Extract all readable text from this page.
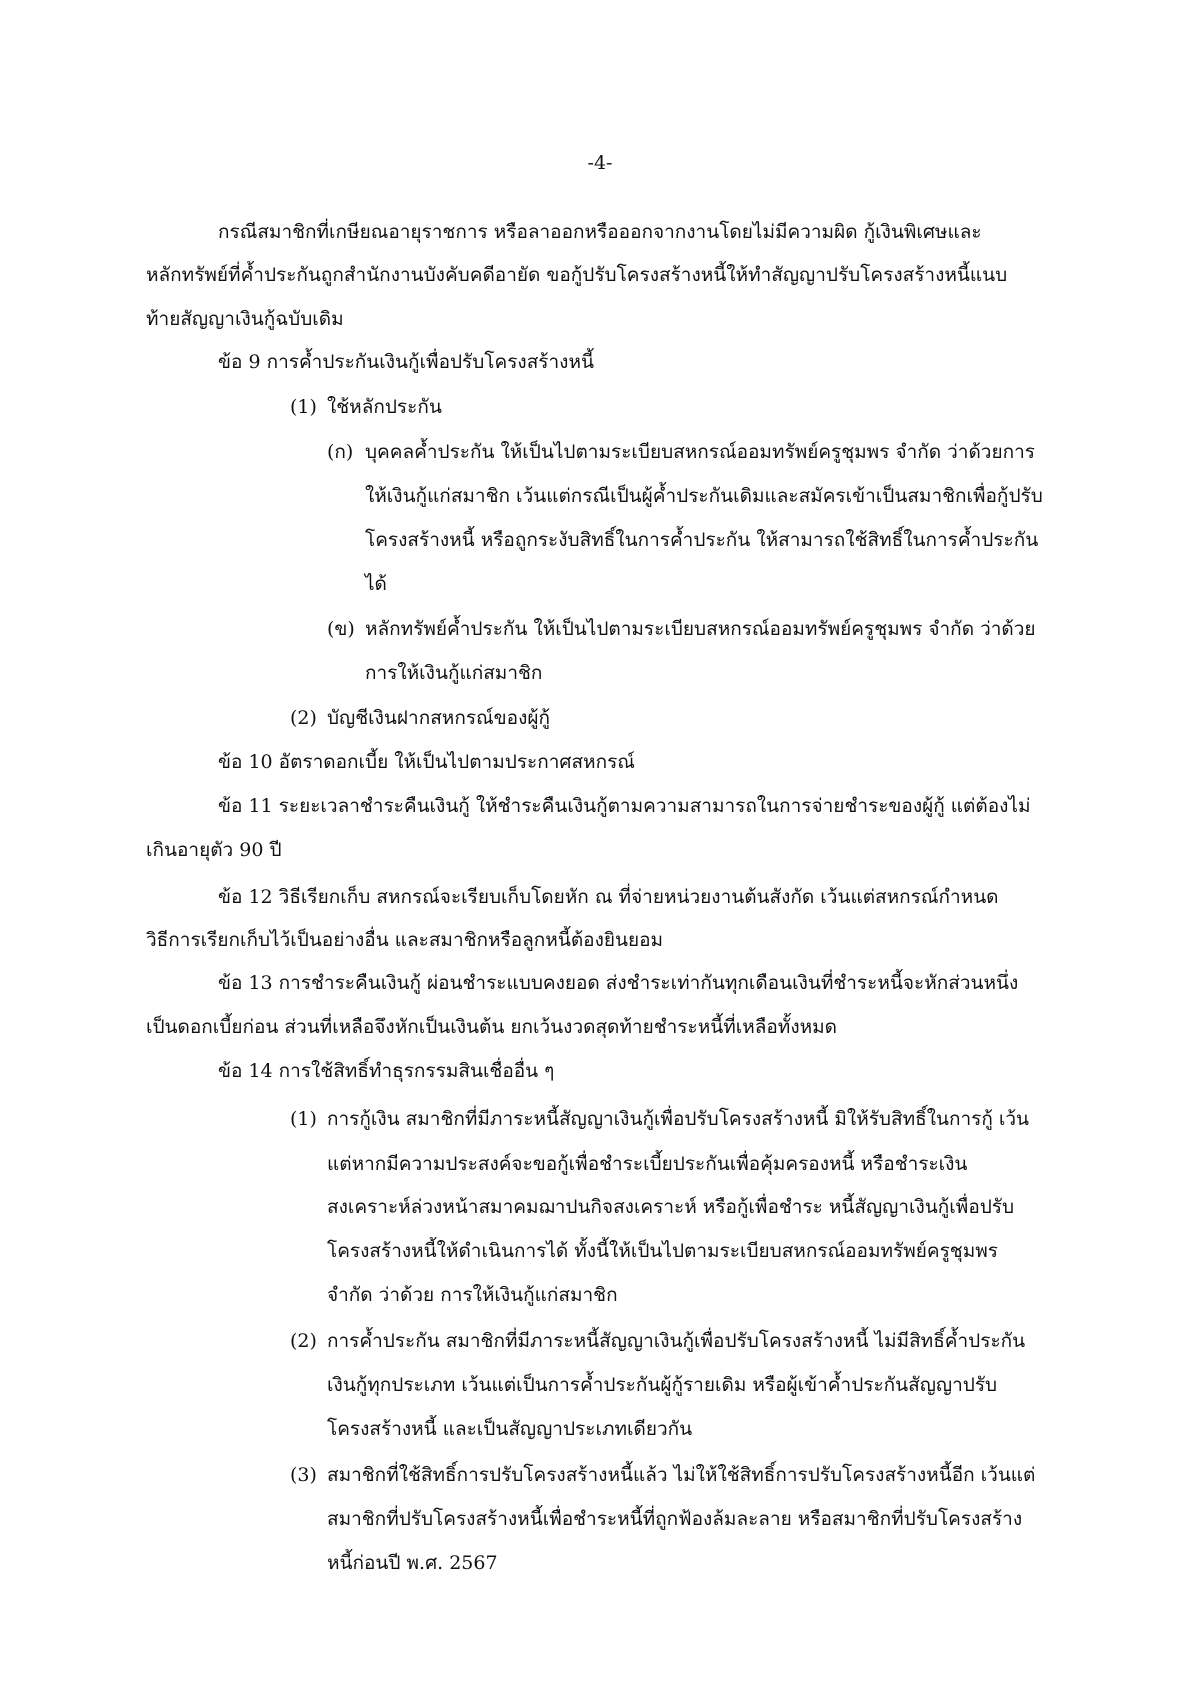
-4-
กรณีสมาชิกที่เกษียณอายุราชการ หรือลาออกหรือออกจากงานโดยไม่มีความผิด กู้เงินพิเศษและ
หลักทรัพย์ที่ค้ำประกันถูกสำนักงานบังคับคดีอายัด ขอกู้ปรับโครงสร้างหนี้ให้ทำสัญญาปรับโครงสร้างหนี้แนบ
ท้ายสัญญาเงินกู้ฉบับเดิม
ข้อ 9 การค้ำประกันเงินกู้เพื่อปรับโครงสร้างหนี้
(1) ใช้หลักประกัน
(ก) บุคคลค้ำประกัน ให้เป็นไปตามระเบียบสหกรณ์ออมทรัพย์ครูชุมพร จำกัด ว่าด้วยการ
ให้เงินกู้แก่สมาชิก เว้นแต่กรณีเป็นผู้ค้ำประกันเดิมและสมัครเข้าเป็นสมาชิกเพื่อกู้ปรับ
โครงสร้างหนี้ หรือถูกระงับสิทธิ์ในการค้ำประกัน ให้สามารถใช้สิทธิ์ในการค้ำประกัน
ได้
(ข) หลักทรัพย์ค้ำประกัน ให้เป็นไปตามระเบียบสหกรณ์ออมทรัพย์ครูชุมพร จำกัด ว่าด้วย
การให้เงินกู้แก่สมาชิก
(2) บัญชีเงินฝากสหกรณ์ของผู้กู้
ข้อ 10 อัตราดอกเบี้ย ให้เป็นไปตามประกาศสหกรณ์
ข้อ 11 ระยะเวลาชำระคืนเงินกู้ ให้ชำระคืนเงินกู้ตามความสามารถในการจ่ายชำระของผู้กู้ แต่ต้องไม่
เกินอายุตัว 90 ปี
ข้อ 12 วิธีเรียกเก็บ สหกรณ์จะเรียบเก็บโดยหัก ณ ที่จ่ายหน่วยงานต้นสังกัด เว้นแต่สหกรณ์กำหนด
วิธีการเรียกเก็บไว้เป็นอย่างอื่น และสมาชิกหรือลูกหนี้ต้องยินยอม
ข้อ 13 การชำระคืนเงินกู้ ผ่อนชำระแบบคงยอด ส่งชำระเท่ากันทุกเดือนเงินที่ชำระหนี้จะหักส่วนหนึ่ง
เป็นดอกเบี้ยก่อน ส่วนที่เหลือจึงหักเป็นเงินต้น ยกเว้นงวดสุดท้ายชำระหนี้ที่เหลือทั้งหมด
ข้อ 14 การใช้สิทธิ์ทำธุรกรรมสินเชื่ออื่น ๆ
(1) การกู้เงิน สมาชิกที่มีภาระหนี้สัญญาเงินกู้เพื่อปรับโครงสร้างหนี้ มิให้รับสิทธิ์ในการกู้ เว้น
แต่หากมีความประสงค์จะขอกู้เพื่อชำระเบี้ยประกันเพื่อคุ้มครองหนี้ หรือชำระเงิน
สงเคราะห์ล่วงหน้าสมาคมฌาปนกิจสงเคราะห์ หรือกู้เพื่อชำระ หนี้สัญญาเงินกู้เพื่อปรับ
โครงสร้างหนี้ให้ดำเนินการได้ ทั้งนี้ให้เป็นไปตามระเบียบสหกรณ์ออมทรัพย์ครูชุมพร
จำกัด ว่าด้วย การให้เงินกู้แก่สมาชิก
(2) การค้ำประกัน สมาชิกที่มีภาระหนี้สัญญาเงินกู้เพื่อปรับโครงสร้างหนี้ ไม่มีสิทธิ์ค้ำประกัน
เงินกู้ทุกประเภท เว้นแต่เป็นการค้ำประกันผู้กู้รายเดิม หรือผู้เข้าค้ำประกันสัญญาปรับ
โครงสร้างหนี้ และเป็นสัญญาประเภทเดียวกัน
(3) สมาชิกที่ใช้สิทธิ์การปรับโครงสร้างหนี้แล้ว ไม่ให้ใช้สิทธิ์การปรับโครงสร้างหนี้อีก เว้นแต่
สมาชิกที่ปรับโครงสร้างหนี้เพื่อชำระหนี้ที่ถูกฟ้องล้มละลาย หรือสมาชิกที่ปรับโครงสร้าง
หนี้ก่อนปี พ.ศ. 2567
